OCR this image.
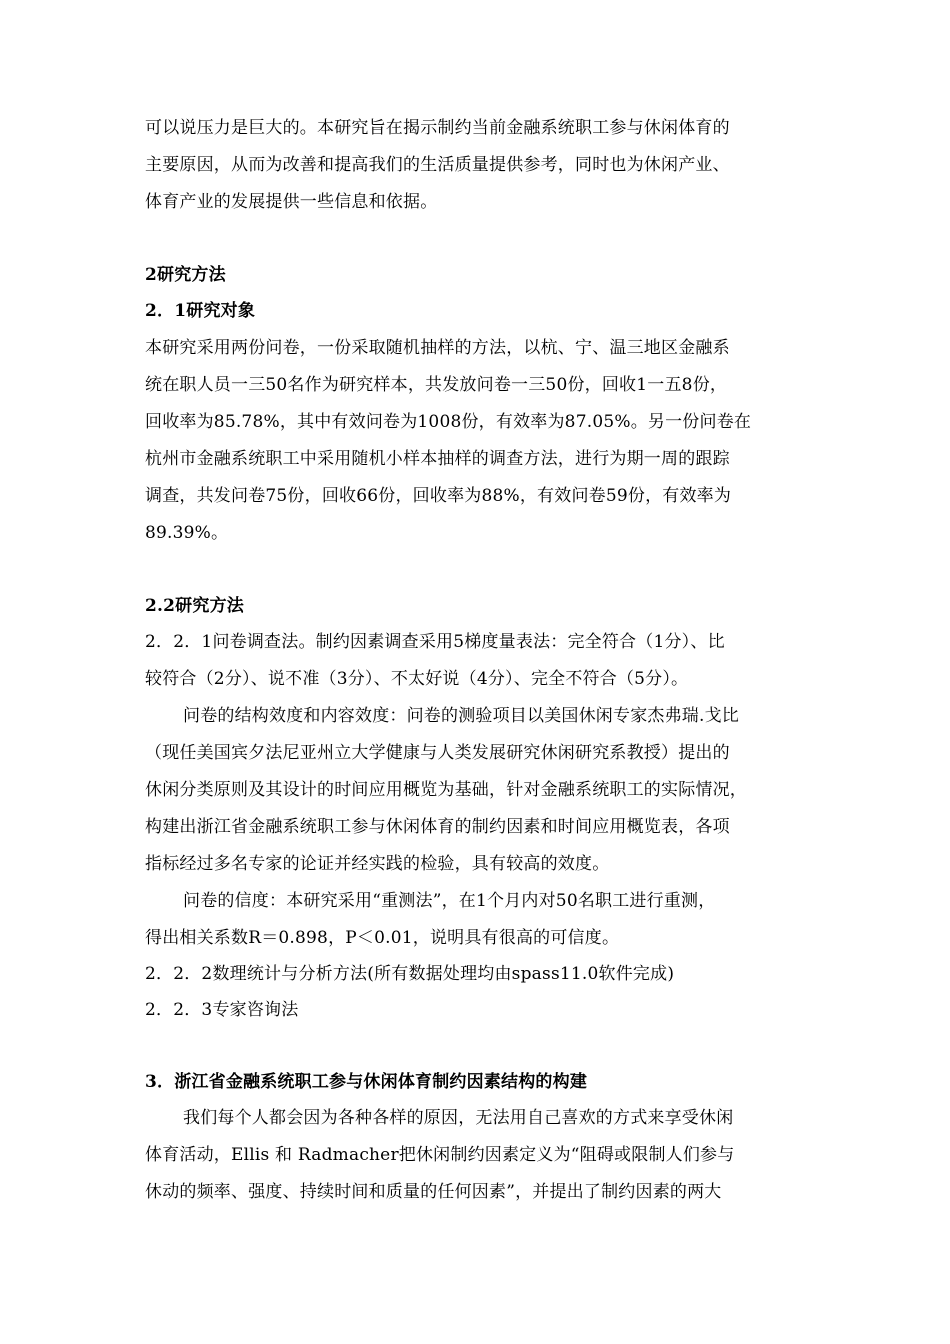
可以说压力是巨大的。本研究旨在揭示制约当前金融系统职工参与休闲体育的
主要原因，从而为改善和提高我们的生活质量提供参考，同时也为休闲产业、
体育产业的发展提供一些信息和依据。
2研究方法
2．1研究对象
本研究采用两份问卷，一份采取随机抽样的方法，以杭、宁、温三地区金融系
统在职人员一三50名作为研究样本，共发放问卷一三50份，回收1一五8份，
回收率为85.78%，其中有效问卷为1008份，有效率为87.05%。另一份问卷在
杭州市金融系统职工中采用随机小样本抽样的调查方法，进行为期一周的跟踪
调查，共发问卷75份，回收66份，回收率为88%，有效问卷59份，有效率为
89.39%。
2.2研究方法
2．2．1问卷调查法。制约因素调查采用5梯度量表法：完全符合（1分）、比
较符合（2分）、说不准（3分）、不太好说（4分）、完全不符合（5分）。
问卷的结构效度和内容效度：问卷的测验项目以美国休闲专家杰弗瑞.戈比
（现任美国宾夕法尼亚州立大学健康与人类发展研究休闲研究系教授）提出的
休闲分类原则及其设计的时间应用概览为基础，针对金融系统职工的实际情况，
构建出浙江省金融系统职工参与休闲体育的制约因素和时间应用概览表，各项
指标经过多名专家的论证并经实践的检验，具有较高的效度。
问卷的信度：本研究采用“重测法”，在1个月内对50名职工进行重测，
得出相关系数R＝0.898，P＜0.01，说明具有很高的可信度。
2．2．2数理统计与分析方法(所有数据处理均由spass11.0软件完成)
2．2．3专家咨询法
3．浙江省金融系统职工参与休闲体育制约因素结构的构建
我们每个人都会因为各种各样的原因，无法用自己喜欢的方式来享受休闲
体育活动，Ellis 和 Radmacher把休闲制约因素定义为“阻碍或限制人们参与
休动的频率、强度、持续时间和质量的任何因素”，并提出了制约因素的两大
